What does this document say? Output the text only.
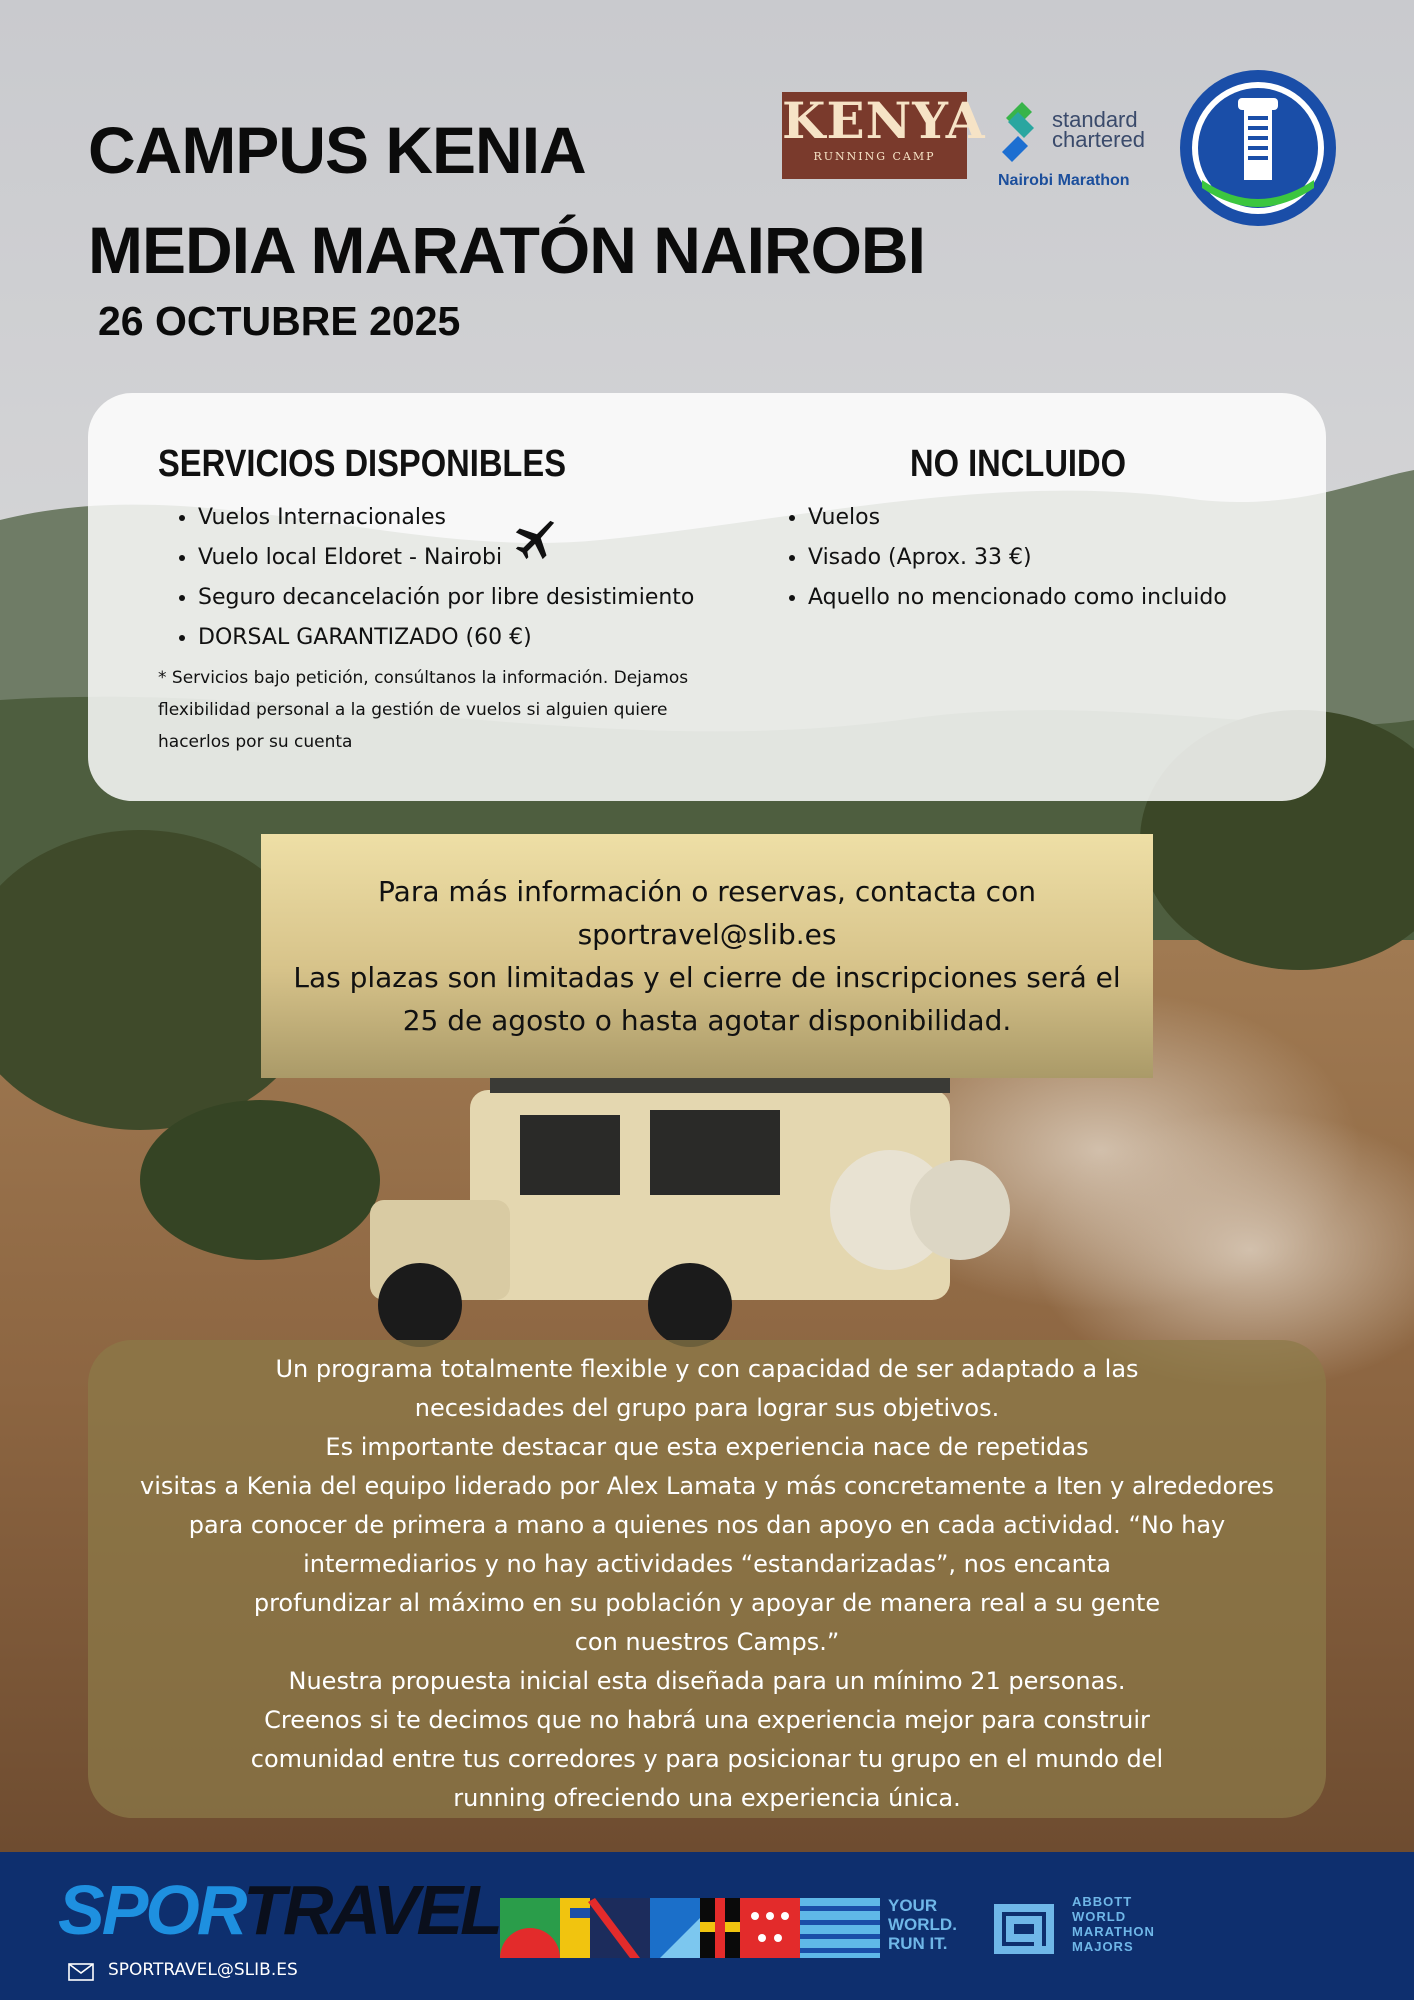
CAMPUS KENIA
MEDIA MARATÓN NAIROBI

26 OCTUBRE 2025

KENYA
RUNNING CAMP
standard chartered
Nairobi Marathon
SERVICIOS DISPONIBLES
• Vuelos Internacionales
• Vuelo local Eldoret - Nairobi
• Seguro decancelación por libre desistimiento
• DORSAL GARANTIZADO (60 €)
* Servicios bajo petición, consúltanos la información. Dejamos flexibilidad personal a la gestión de vuelos si alguien quiere hacerlos por su cuenta
NO INCLUIDO
• Vuelos
• Visado (Aprox. 33 €)
• Aquello no mencionado como incluido

Para más información o reservas, contacta con

sportravel@slib.es

Las plazas son limitadas y el cierre de inscripciones será el

25 de agosto o hasta agotar disponibilidad.

Un programa totalmente flexible y con capacidad de ser adaptado a las

necesidades del grupo para lograr sus objetivos.

Es importante destacar que esta experiencia nace de repetidas

visitas a Kenia del equipo liderado por Alex Lamata y más concretamente a Iten y alrededores

para conocer de primera a mano a quienes nos dan apoyo en cada actividad. “No hay

intermediarios y no hay actividades “estandarizadas”, nos encanta

profundizar al máximo en su población y apoyar de manera real a su gente

con nuestros Camps.”

Nuestra propuesta inicial esta diseñada para un mínimo 21 personas.

Creenos si te decimos que no habrá una experiencia mejor para construir

comunidad entre tus corredores y para posicionar tu grupo en el mundo del

running ofreciendo una experiencia única.

SPORTRAVEL
SPORTRAVEL@SLIB.ES
YOUR
WORLD.
RUN IT.
ABBOTT
WORLD
MARATHON
MAJORS
